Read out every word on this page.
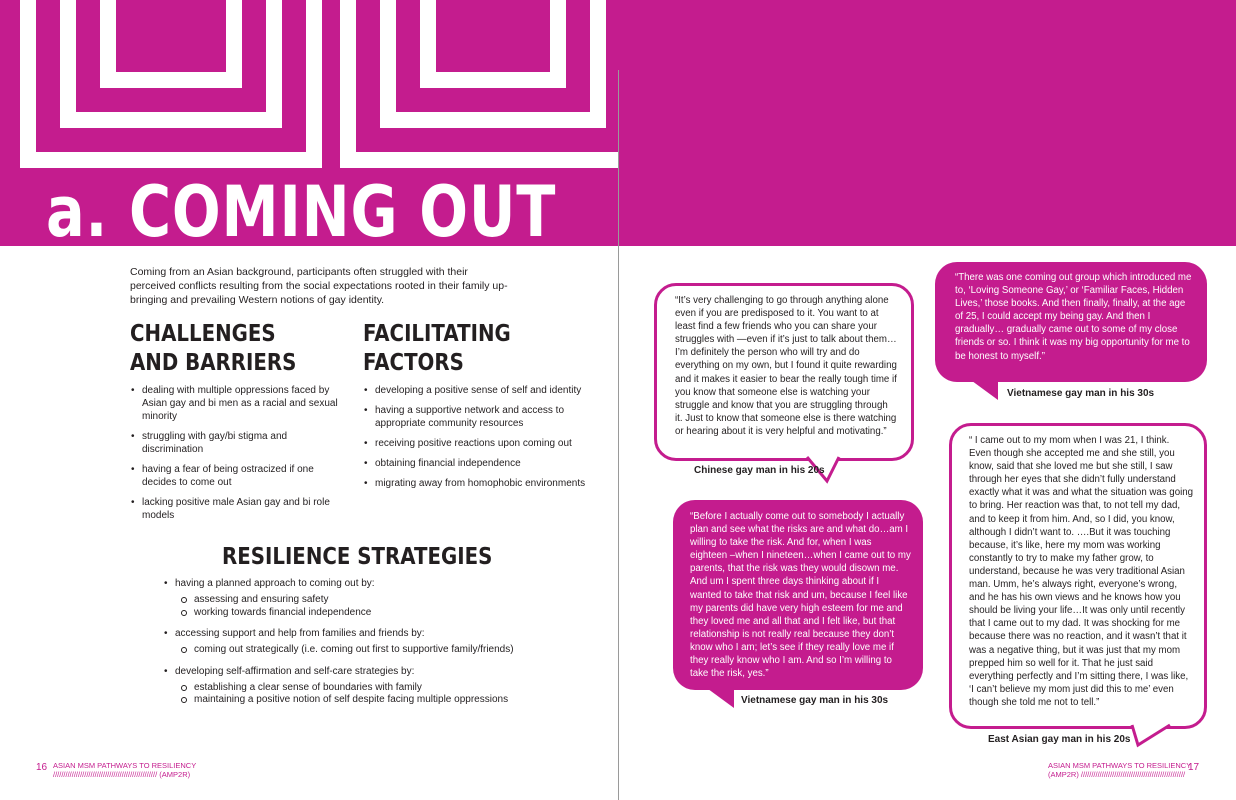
a. COMING OUT
Coming from an Asian background, participants often struggled with their perceived conflicts resulting from the social expectations rooted in their family up-bringing and prevailing Western notions of gay identity.
CHALLENGES
AND BARRIERS
• dealing with multiple oppressions faced by Asian gay and bi men as a racial and sexual minority
• struggling with gay/bi stigma and discrimination
• having a fear of being ostracized if one decides to come out
• lacking positive male Asian gay and bi role models
FACILITATING
FACTORS
• developing a positive sense of self and identity
• having a supportive network and access to appropriate community resources
• receiving positive reactions upon coming out
• obtaining financial independence
• migrating away from homophobic environments
RESILIENCE STRATEGIES
• having a planned approach to coming out by:
assessing and ensuring safety
working towards financial independence
• accessing support and help from families and friends by:
coming out strategically (i.e. coming out first to supportive family/friends)
• developing self-affirmation and self-care strategies by:
establishing a clear sense of boundaries with family
maintaining a positive notion of self despite facing multiple oppressions
“It’s very challenging to go through anything alone even if you are predisposed to it. You want to at least find a few friends who you can share your struggles with —even if it’s just to talk about them…I’m definitely the person who will try and do everything on my own, but I found it quite rewarding and it makes it easier to bear the really tough time if you know that someone else is watching your struggle and know that you are struggling through it. Just to know that someone else is there watching or hearing about it is very helpful and motivating.”
Chinese gay man in his 20s
“There was one coming out group which introduced me to, ‘Loving Someone Gay,’ or ‘Familiar Faces, Hidden Lives,’ those books. And then finally, finally, at the age of 25, I could accept my being gay. And then I gradually… gradually came out to some of my close friends or so. I think it was my big opportunity for me to be honest to myself.”
Vietnamese gay man in his 30s
“Before I actually come out to somebody I actually plan and see what the risks are and what do…am I willing to take the risk. And for, when I was eighteen –when I nineteen…when I came out to my parents, that the risk was they would disown me. And um I spent three days thinking about if I wanted to take that risk and um, because I feel like my parents did have very high esteem for me and they loved me and all that and I felt like, but that relationship is not really real because they don’t know who I am; let’s see if they really love me if they really know who I am. And so I’m willing to take the risk, yes.”
Vietnamese gay man in his 30s
“ I came out to my mom when I was 21, I think. Even though she accepted me and she still, you know, said that she loved me but she still, I saw through her eyes that she didn’t fully understand exactly what it was and what the situation was going to bring. Her reaction was that, to not tell my dad, and to keep it from him. And, so I did, you know, although I didn’t want to. ….But it was touching because, it’s like, here my mom was working constantly to try to make my father grow, to understand, because he was very traditional Asian man. Umm, he’s always right, everyone’s wrong, and he has his own views and he knows how you should be living your life…It was only until recently that I came out to my dad. It was shocking for me because there was no reaction, and it wasn’t that it was a negative thing, but it was just that my mom prepped him so well for it. That he just said everything perfectly and I’m sitting there, I was like, ‘I can’t believe my mom just did this to me’ even though she told me not to tell.”
East Asian gay man in his 20s
16 ASIAN MSM PATHWAYS TO RESILIENCY
////////////////////////////////////////////////// (AMP2R)
ASIAN MSM PATHWAYS TO RESILIENCY
(AMP2R) //////////////////////////////////////////////////
17
